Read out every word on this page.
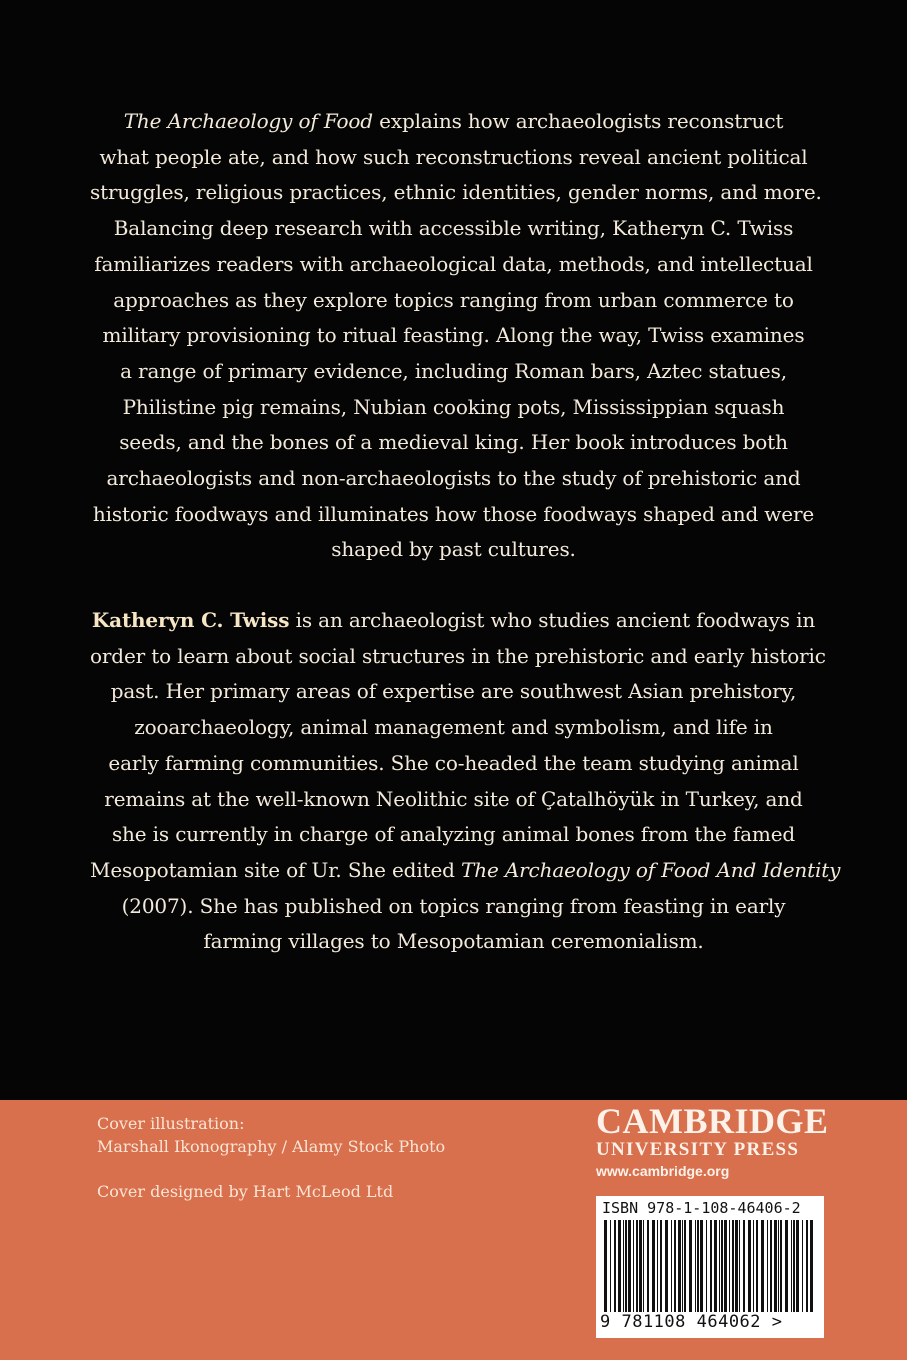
The Archaeology of Food explains how archaeologists reconstruct
what people ate, and how such reconstructions reveal ancient political
struggles, religious practices, ethnic identities, gender norms, and more.
Balancing deep research with accessible writing, Katheryn C. Twiss
familiarizes readers with archaeological data, methods, and intellectual
approaches as they explore topics ranging from urban commerce to
military provisioning to ritual feasting. Along the way, Twiss examines
a range of primary evidence, including Roman bars, Aztec statues,
Philistine pig remains, Nubian cooking pots, Mississippian squash
seeds, and the bones of a medieval king. Her book introduces both
archaeologists and non-archaeologists to the study of prehistoric and
historic foodways and illuminates how those foodways shaped and were
shaped by past cultures.
Katheryn C. Twiss is an archaeologist who studies ancient foodways in
order to learn about social structures in the prehistoric and early historic
past. Her primary areas of expertise are southwest Asian prehistory,
zooarchaeology, animal management and symbolism, and life in
early farming communities. She co-headed the team studying animal
remains at the well-known Neolithic site of Çatalhöyük in Turkey, and
she is currently in charge of analyzing animal bones from the famed
Mesopotamian site of Ur. She edited The Archaeology of Food And Identity
(2007). She has published on topics ranging from feasting in early
farming villages to Mesopotamian ceremonialism.
Cover illustration:
Marshall Ikonography / Alamy Stock Photo
Cover designed by Hart McLeod Ltd
CAMBRIDGE
UNIVERSITY PRESS
www.cambridge.org
ISBN 978-1-108-46406-2
9 781108 464062 >
